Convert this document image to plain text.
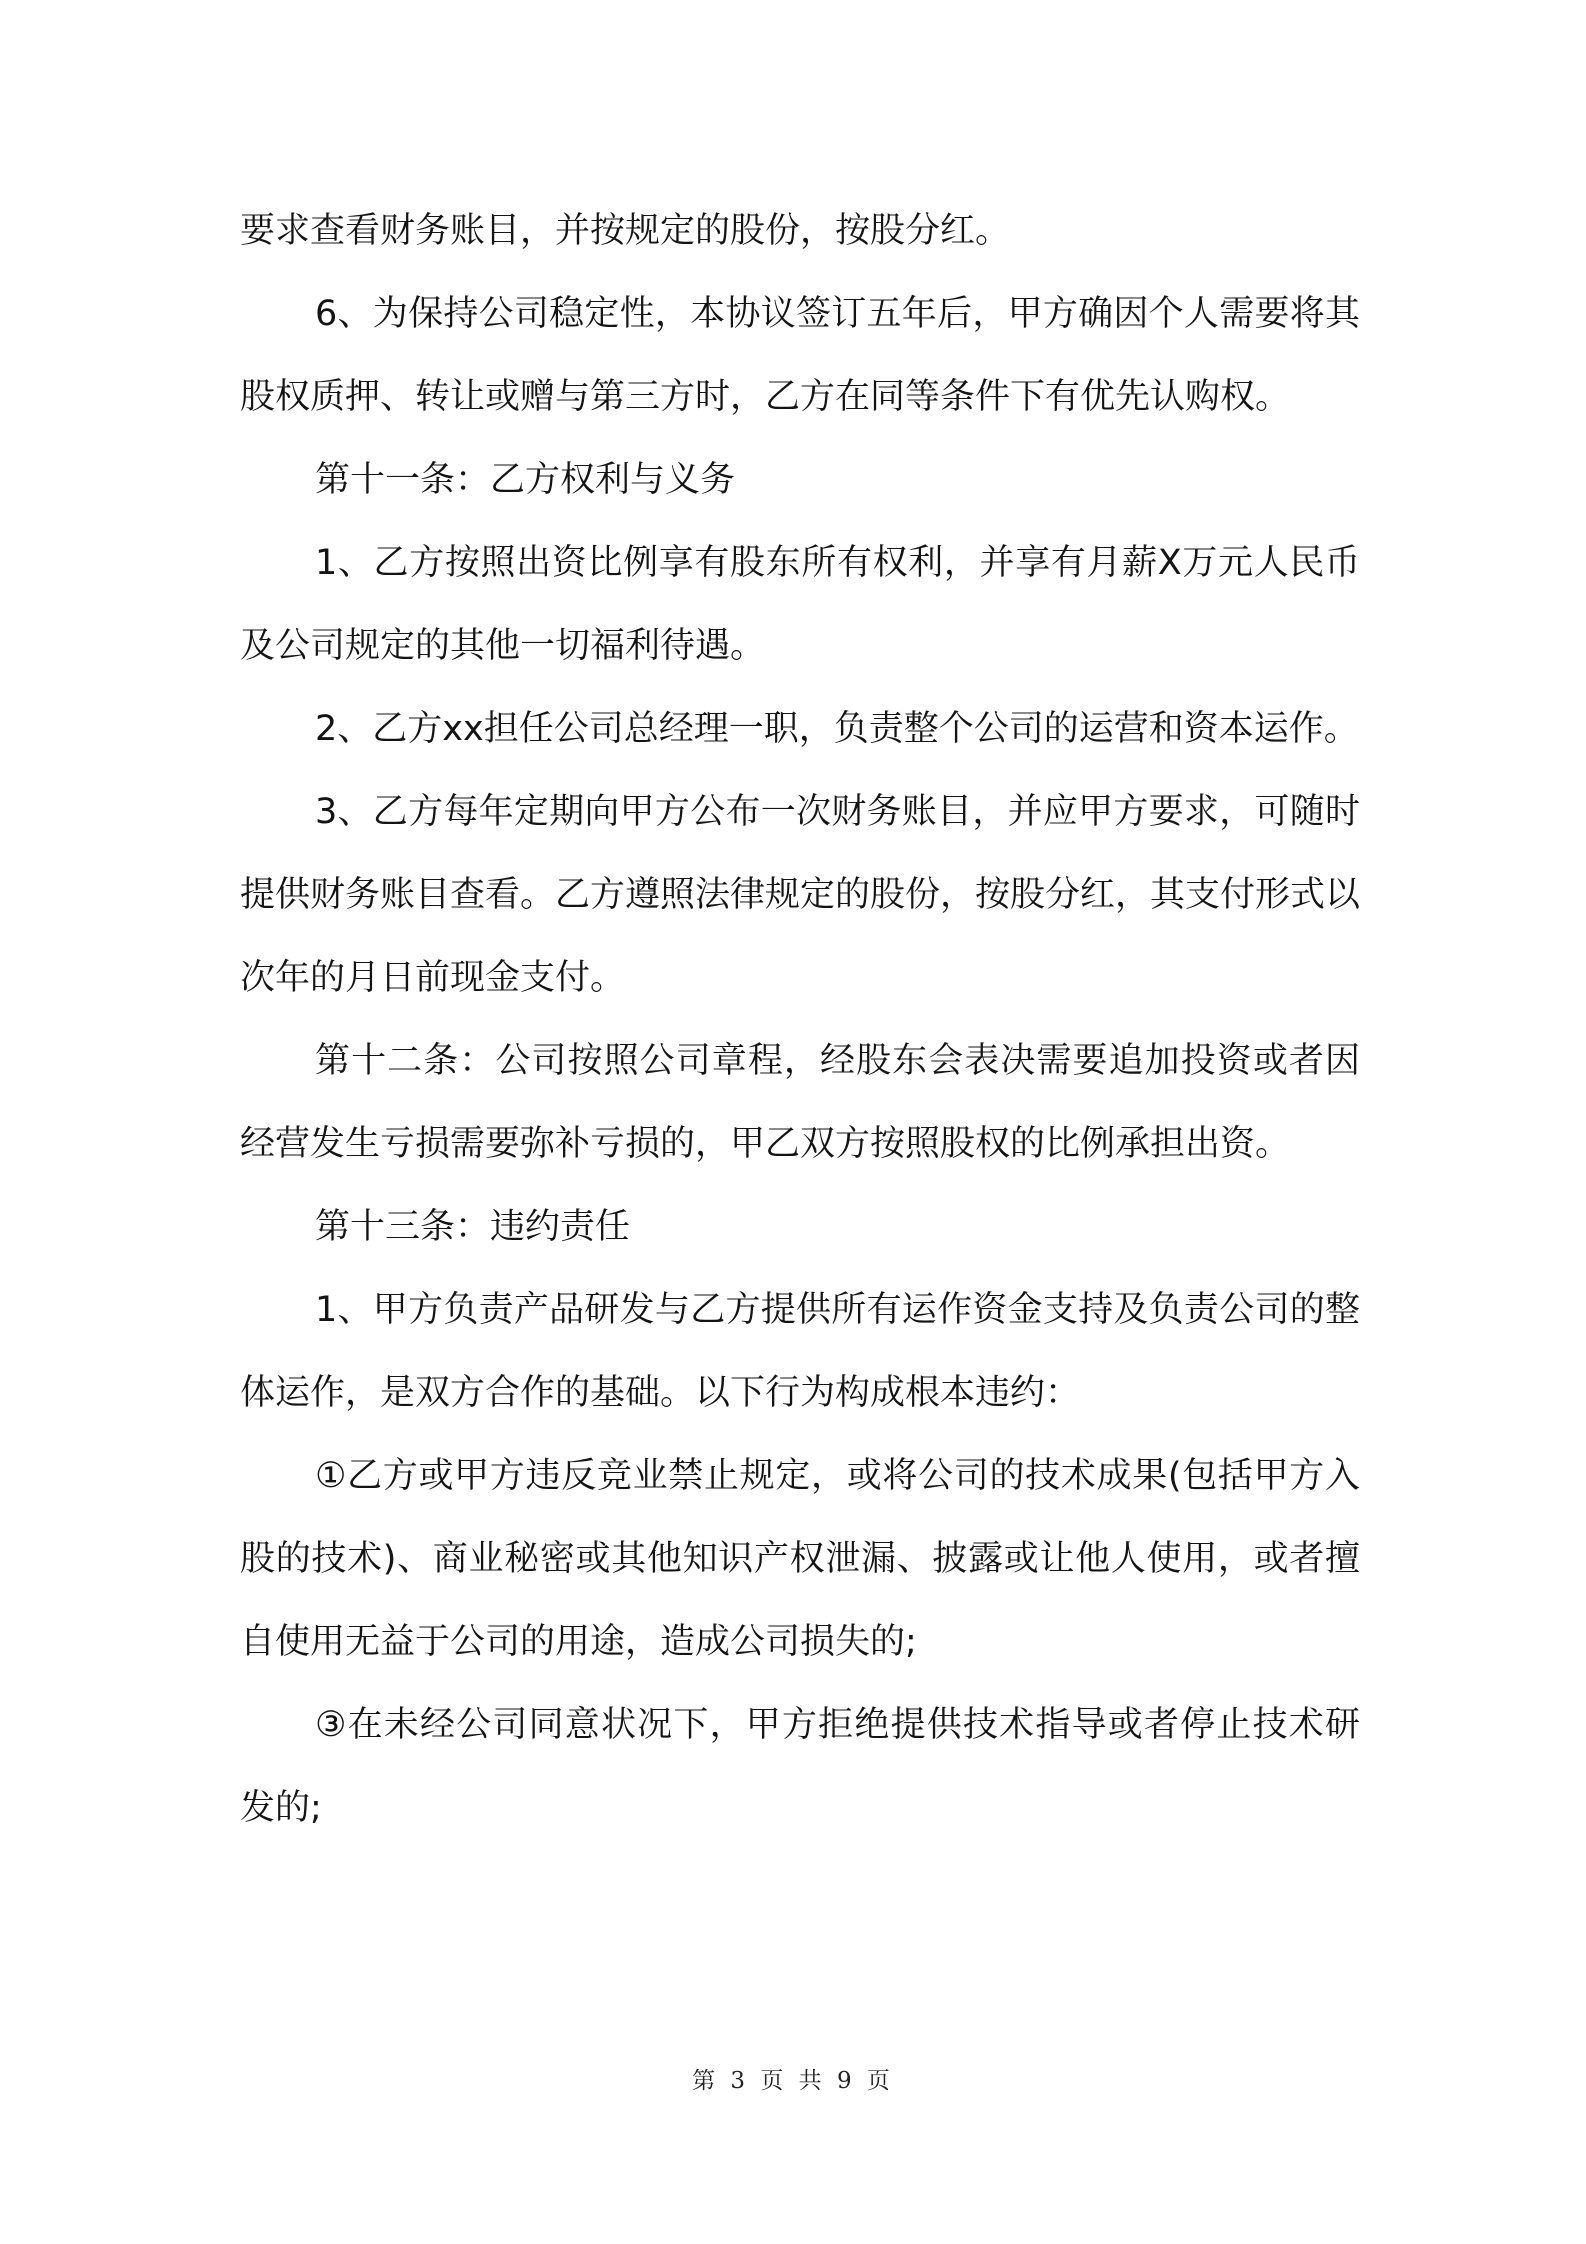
要求查看财务账目，并按规定的股份，按股分红。

6、为保持公司稳定性，本协议签订五年后，甲方确因个人需要将其股权质押、转让或赠与第三方时，乙方在同等条件下有优先认购权。

第十一条：乙方权利与义务

1、乙方按照出资比例享有股东所有权利，并享有月薪X万元人民币及公司规定的其他一切福利待遇。

2、乙方xx担任公司总经理一职，负责整个公司的运营和资本运作。

3、乙方每年定期向甲方公布一次财务账目，并应甲方要求，可随时提供财务账目查看。乙方遵照法律规定的股份，按股分红，其支付形式以次年的月日前现金支付。

第十二条：公司按照公司章程，经股东会表决需要追加投资或者因经营发生亏损需要弥补亏损的，甲乙双方按照股权的比例承担出资。

第十三条：违约责任

1、甲方负责产品研发与乙方提供所有运作资金支持及负责公司的整体运作，是双方合作的基础。以下行为构成根本违约：

①乙方或甲方违反竞业禁止规定，或将公司的技术成果(包括甲方入股的技术)、商业秘密或其他知识产权泄漏、披露或让他人使用，或者擅自使用无益于公司的用途，造成公司损失的;

③在未经公司同意状况下，甲方拒绝提供技术指导或者停止技术研发的;

第 3 页 共 9 页
